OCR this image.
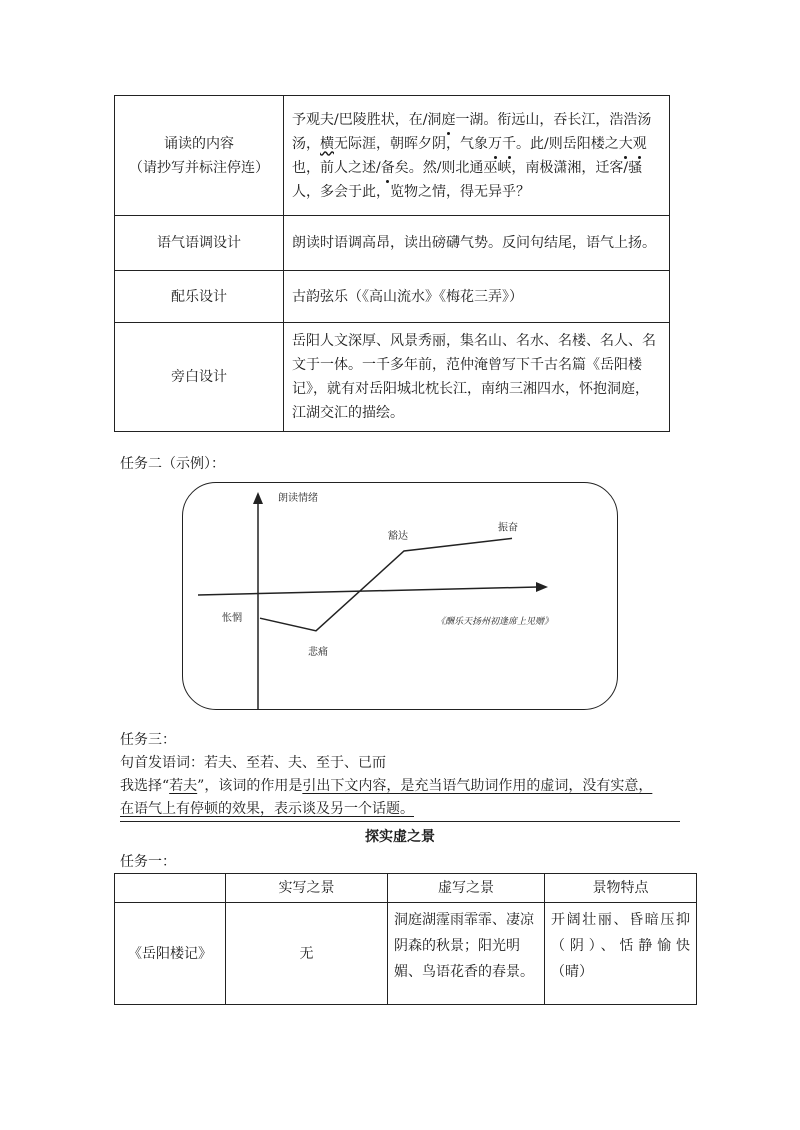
诵读的内容
（请抄写并标注停连）	予观夫/巴陵胜状，在/洞庭一湖。衔远山，吞长江，浩浩汤汤，横无际涯，朝晖夕阴，气象万千。此/则岳阳楼之大观也，前人之述/备矣。然/则北通巫峡，南极潇湘，迁客/骚人，多会于此，览物之情，得无异乎？

语气语调设计	朗读时语调高昂，读出磅礴气势。反问句结尾，语气上扬。
配乐设计	古韵弦乐（《高山流水》《梅花三弄》）
旁白设计	岳阳人文深厚、风景秀丽，集名山、名水、名楼、名人、名文于一体。一千多年前，范仲淹曾写下千古名篇《岳阳楼记》，就有对岳阳城北枕长江，南纳三湘四水，怀抱洞庭，江湖交汇的描绘。
任务二（示例）：
朗读情绪
《酬乐天扬州初逢席上见赠》
怅惘
悲痛
豁达
振奋
任务三：
句首发语词：若夫、至若、夫、至于、已而
我选择“若夫”，该词的作用是引出下文内容，是充当语气助词作用的虚词，没有实意，
在语气上有停顿的效果，表示谈及另一个话题。
探实虚之景
任务一：
	实写之景	虚写之景	景物特点
《岳阳楼记》	无	洞庭湖霪雨霏霏、凄凉阴森的秋景；阳光明媚、鸟语花香的春景。	开阔壮丽、昏暗压抑（阴）、恬静愉快（晴）
